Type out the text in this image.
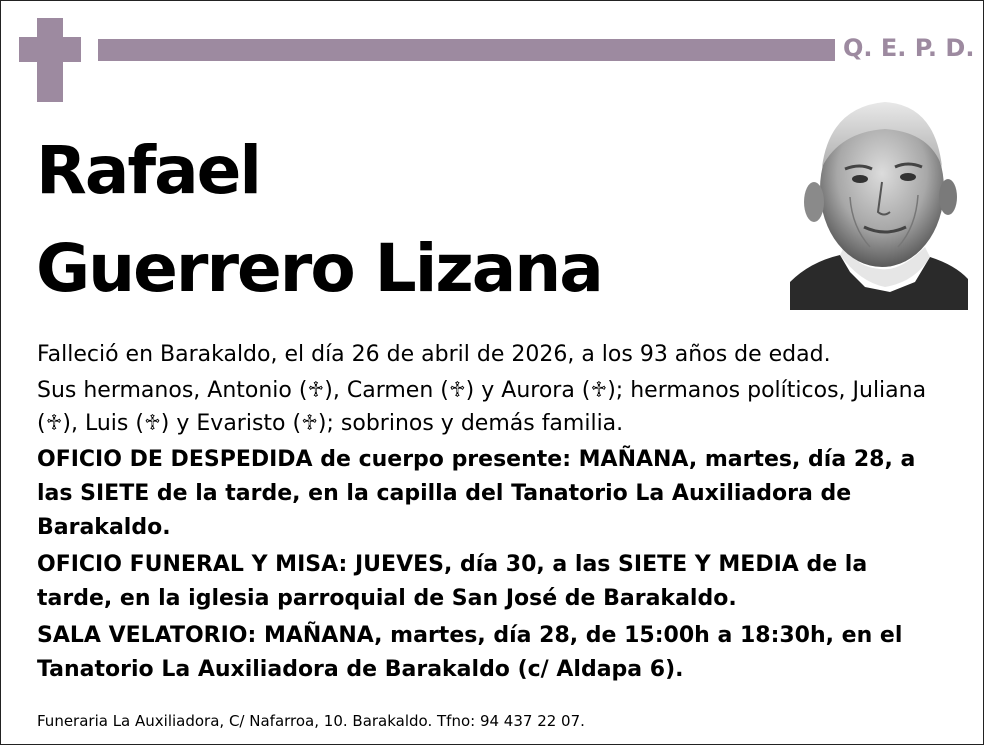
Q. E. P. D.
Rafael
Guerrero Lizana

Falleció en Barakaldo, el día 26 de abril de 2026, a los 93 años de edad.

Sus hermanos, Antonio (♱), Carmen (♱) y Aurora (♱); hermanos políticos, Juliana (♱), Luis (♱) y Evaristo (♱); sobrinos y demás familia.

OFICIO DE DESPEDIDA de cuerpo presente: MAÑANA, martes, día 28, a las SIETE de la tarde, en la capilla del Tanatorio La Auxiliadora de Barakaldo.

OFICIO FUNERAL Y MISA: JUEVES, día 30, a las SIETE Y MEDIA de la tarde, en la iglesia parroquial de San José de Barakaldo.

SALA VELATORIO: MAÑANA, martes, día 28, de 15:00h a 18:30h, en el Tanatorio La Auxiliadora de Barakaldo (c/ Aldapa 6).

Funeraria La Auxiliadora, C/ Nafarroa, 10. Barakaldo. Tfno: 94 437 22 07.
